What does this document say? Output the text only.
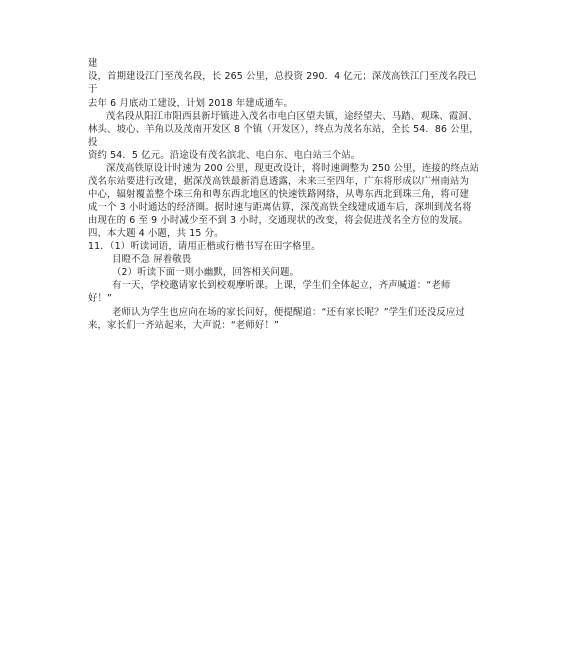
建
设，首期建设江门至茂名段，长 265 公里，总投资 290．4 亿元；深茂高铁江门至茂名段已
于
去年 6 月底动工建设，计划 2018 年建成通车。
茂名段从阳江市阳西县新圩镇进入茂名市电白区望夫镇，途经望夫、马踏、观珠、霞洞、
林头、坡心、羊角以及茂南开发区 8 个镇（开发区），终点为茂名东站，全长 54．86 公里，
投
资约 54．5 亿元。沿途设有茂名滨北、电白东、电白站三个站。
深茂高铁原设计时速为 200 公里，现更改设计，将时速调整为 250 公里，连接的终点站
茂名东站要进行改建，据深茂高铁最新消息透露，未来三至四年，广东将形成以广州南站为
中心，辐射覆盖整个珠三角和粤东西北地区的快速铁路网络，从粤东西北到珠三角，将可建
成一个 3 小时通达的经济圈。据时速与距离估算，深茂高铁全线建成通车后，深圳到茂名将
由现在的 6 至 9 小时减少至不到 3 小时，交通现状的改变，将会促进茂名全方位的发展。
四、本大题 4 小题，共 15 分。
11．（1）听读词语，请用正楷或行楷书写在田字格里。
目瞪不急 屏着敬畏
（2）听读下面一则小幽默，回答相关问题。
有一天，学校邀请家长到校观摩听课。上课，学生们全体起立，齐声喊道：“老师
好！”
老师认为学生也应向在场的家长问好，便提醒道：“还有家长呢？”学生们还没反应过
来，家长们一齐站起来，大声说：“老师好！”
